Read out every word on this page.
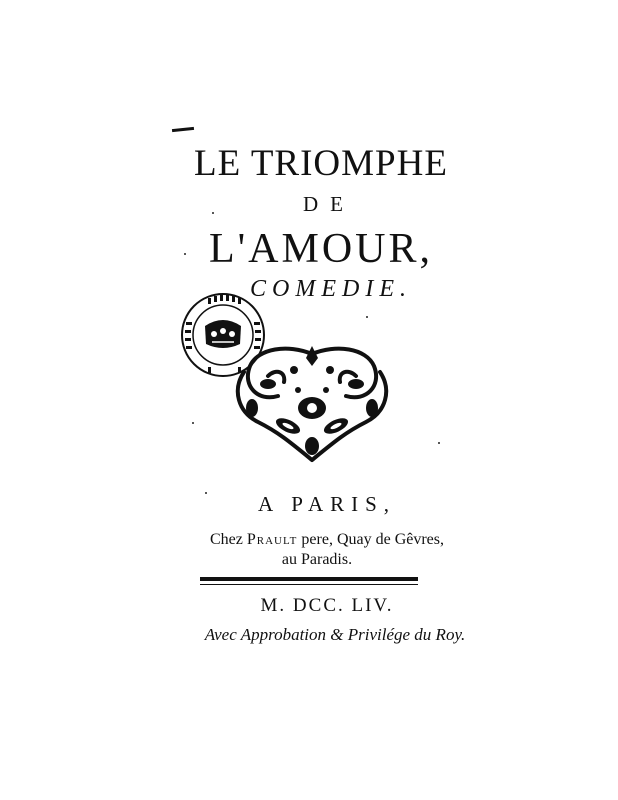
LE TRIOMPHE
DE
L'AMOUR,
COMEDIE.
A PARIS,
Chez Prault pere, Quay de Gêvres,
au Paradis.
M. DCC. LIV.
Avec Approbation & Privilége du Roy.
